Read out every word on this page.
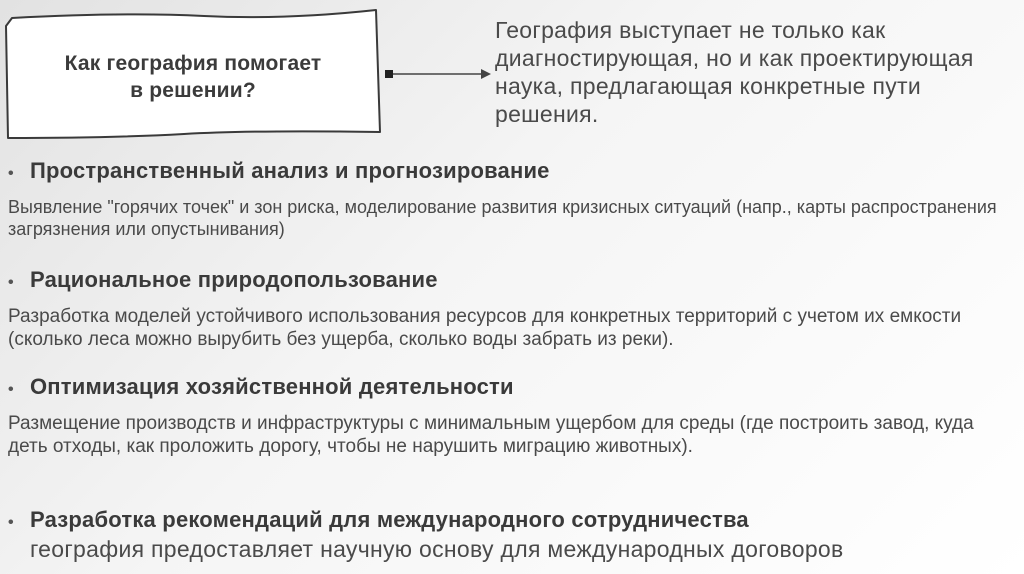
Как география помогает
в решении?
География выступает не только как диагностирующая, но и как проектирующая наука, предлагающая конкретные пути решения.
• Пространственный анализ и прогнозирование
Выявление "горячих точек" и зон риска, моделирование развития кризисных ситуаций (напр., карты распространения загрязнения или опустынивания)
• Рациональное природопользование
Разработка моделей устойчивого использования ресурсов для конкретных территорий с учетом их емкости (сколько леса можно вырубить без ущерба, сколько воды забрать из реки).
• Оптимизация хозяйственной деятельности
Размещение производств и инфраструктуры с минимальным ущербом для среды (где построить завод, куда деть отходы, как проложить дорогу, чтобы не нарушить миграцию животных).
• Разработка рекомендаций для международного сотрудничества
география предоставляет научную основу для международных договоров
